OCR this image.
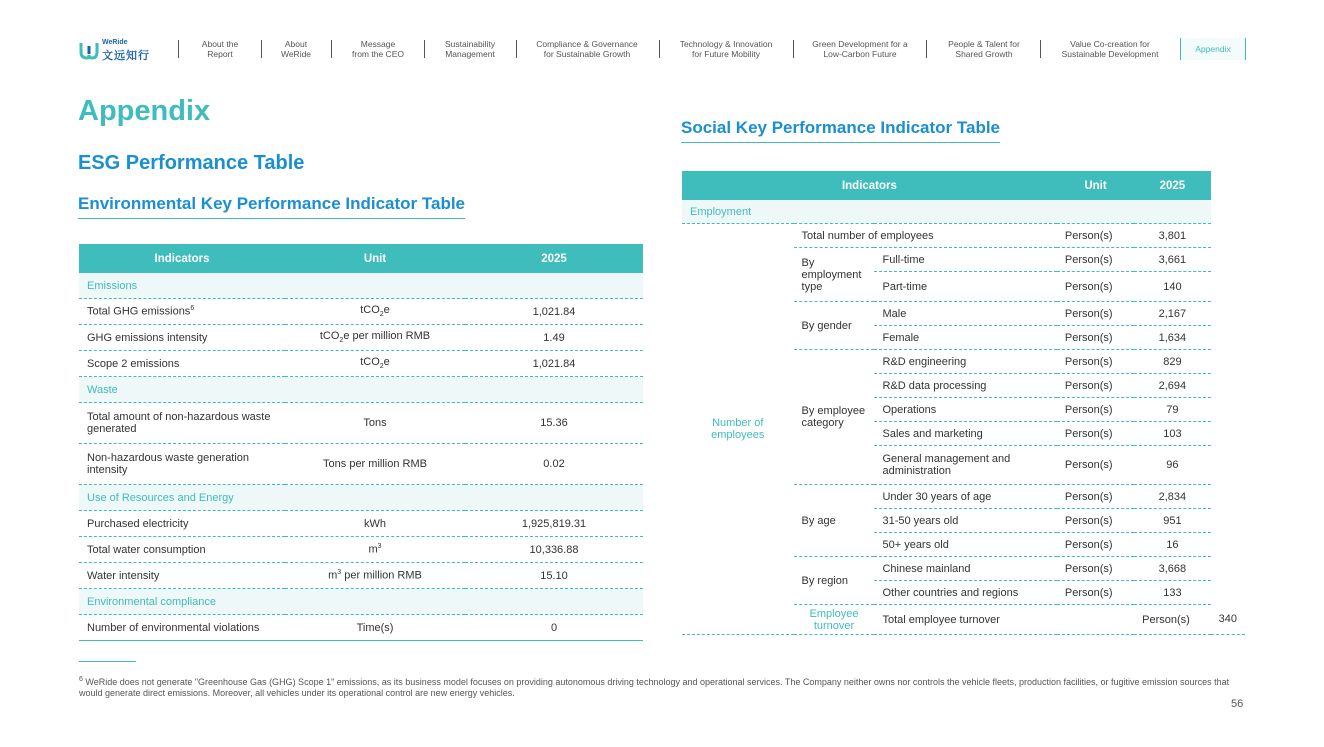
WeRide
文远知行
About the
Report
About
WeRide
Message
from the CEO
Sustainability
Management
Compliance & Governance
for Sustainable Growth
Technology & Innovation
for Future Mobility
Green Development for a
Low-Carbon Future
People & Talent for
Shared Growth
Value Co-creation for
Sustainable Development	Appendix
Appendix
ESG Performance Table
Environmental Key Performance Indicator Table
Social Key Performance Indicator Table
Indicators	Unit	2025
Emissions		
Total GHG emissions$^6$	tCO$_2$e	1,021.84
GHG emissions intensity	tCO$_2$e per million RMB	1.49
Scope 2 emissions	tCO$_2$e	1,021.84
Waste		
Total amount of non-hazardous waste generated	Tons	15.36
Non-hazardous waste generation intensity	Tons per million RMB	0.02
Use of Resources and Energy		
Purchased electricity	kWh	1,925,819.31
Total water consumption	$m^3$	10,336.88
Water intensity	$m^3$ per million RMB	15.10
Environmental compliance		
Number of environmental violations	Time(s)	0
Indicators			Unit	2025	
Employment					
Number of employees	Total number of employees		Person(s)	3,801	
	By employment type	Full-time	Person(s)	3,661	
		Part-time	Person(s)	140	
	By gender	Male	Person(s)	2,167	
		Female	Person(s)	1,634	
	By employee category	R&D engineering	Person(s)	829	
		R&D data processing	Person(s)	2,694	
		Operations	Person(s)	79	
		Sales and marketing	Person(s)	103	
		General management and administration	Person(s)	96	
	By age	Under 30 years of age	Person(s)	2,834	
		31-50 years old	Person(s)	951	
		50+ years old	Person(s)	16	
	By region	Chinese mainland	Person(s)	3,668	
		Other countries and regions	Person(s)	133	
	Employee turnover	Total employee turnover		Person(s)	340
$^6$ WeRide does not generate "Greenhouse Gas (GHG) Scope 1" emissions, as its business model focuses on providing autonomous driving technology and operational services. The Company neither owns nor controls the vehicle fleets, production facilities, or fugitive emission sources that would generate direct emissions. Moreover, all vehicles under its operational control are new energy vehicles.
56
